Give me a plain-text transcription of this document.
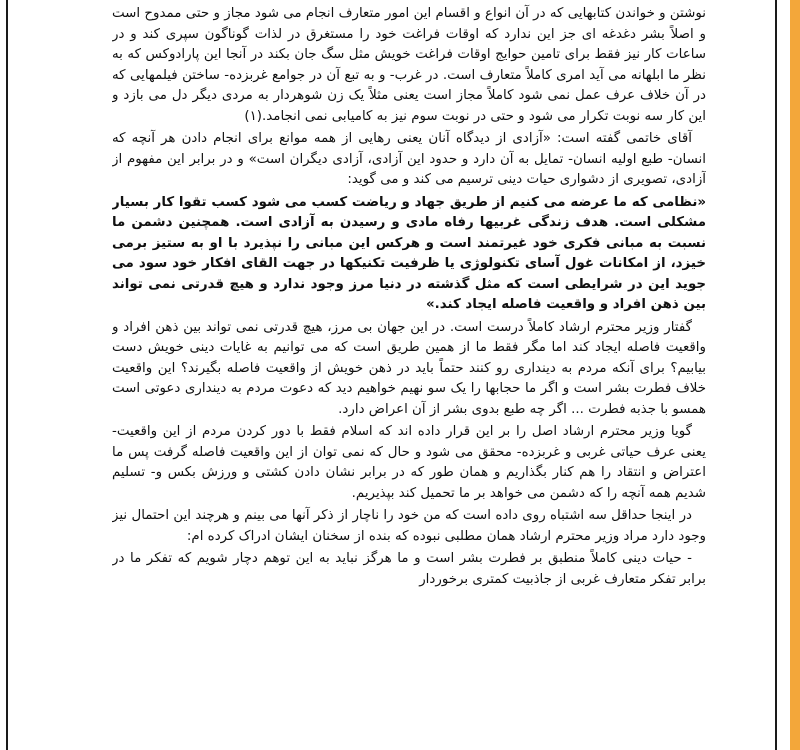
نوشتن و خواندن کتابهایی که در آن انواع و اقسام این امور متعارف انجام می شود مجاز و حتی ممدوح است و اصلاً بشر دغدغه ای جز این ندارد که اوقات فراغت خود را مستغرق در لذات گوناگون سپری کند و در ساعات کار نیز فقط برای تامین حوایج اوقات فراغت خویش مثل سگ جان بکند در آنجا این پارادوکس که به نظر ما ابلهانه می آید امری کاملاً متعارف است. در غرب- و به تبع آن در جوامع غربزده- ساختن فیلمهایی که در آن خلاف عرف عمل نمی شود کاملاً مجاز است یعنی مثلاً یک زن شوهردار به مردی دیگر دل می بازد و این کار سه نوبت تکرار می شود و حتی در نوبت سوم نیز به کامیابی نمی انجامد.(۱)

آقای خاتمی گفته است: «آزادی از دیدگاه آنان یعنی رهایی از همه موانع برای انجام دادن هر آنچه که انسان- طبع اولیه انسان- تمایل به آن دارد و حدود این آزادی، آزادی دیگران است» و در برابر این مفهوم از آزادی، تصویری از دشواری حیات دینی ترسیم می کند و می گوید:

«نظامی که ما عرضه می کنیم از طریق جهاد و ریاضت کسب می شود کسب تقوا کار بسیار مشکلی است. هدف زندگی غربیها رفاه مادی و رسیدن به آزادی است. همچنین دشمن ما نسبت به مبانی فکری خود غیرتمند است و هرکس این مبانی را نپذیرد با او به ستیز برمی خیزد، از امکانات غول آسای تکنولوژی یا ظرفیت تکنیکها در جهت القای افکار خود سود می جوید این در شرایطی است که مثل گذشته در دنیا مرز وجود ندارد و هیچ قدرتی نمی تواند بین ذهن افراد و واقعیت فاصله ایجاد کند.»

گفتار وزیر محترم ارشاد کاملاً درست است. در این جهان بی مرز، هیچ قدرتی نمی تواند بین ذهن افراد و واقعیت فاصله ایجاد کند اما مگر فقط ما از همین طریق است که می توانیم به غایات دینی خویش دست بیابیم؟ برای آنکه مردم به دینداری رو کنند حتماً باید در ذهن خویش از واقعیت فاصله بگیرند؟ این واقعیت خلاف فطرت بشر است و اگر ما حجابها را یک سو نهیم خواهیم دید که دعوت مردم به دینداری دعوتی است همسو با جذبه فطرت ... اگر چه طبع بدوی بشر از آن اعراض دارد.

گویا وزیر محترم ارشاد اصل را بر این قرار داده اند که اسلام فقط با دور کردن مردم از این واقعیت- یعنی عرف حیاتی غربی و غربزده- محقق می شود و حال که نمی توان از این واقعیت فاصله گرفت پس ما اعتراض و انتقاد را هم کنار بگذاریم و همان طور که در برابر نشان دادن کشتی و ورزش بکس و- تسلیم شدیم همه آنچه را که دشمن می خواهد بر ما تحمیل کند بپذیریم.

در اینجا حداقل سه اشتباه روی داده است که من خود را ناچار از ذکر آنها می بینم و هرچند این احتمال نیز وجود دارد مراد وزیر محترم ارشاد همان مطلبی نبوده که بنده از سخنان ایشان ادراک کرده ام:

- حیات دینی کاملاً منطبق بر فطرت بشر است و ما هرگز نباید به این توهم دچار شویم که تفکر ما در برابر تفکر متعارف غربی از جاذبیت کمتری برخوردار
